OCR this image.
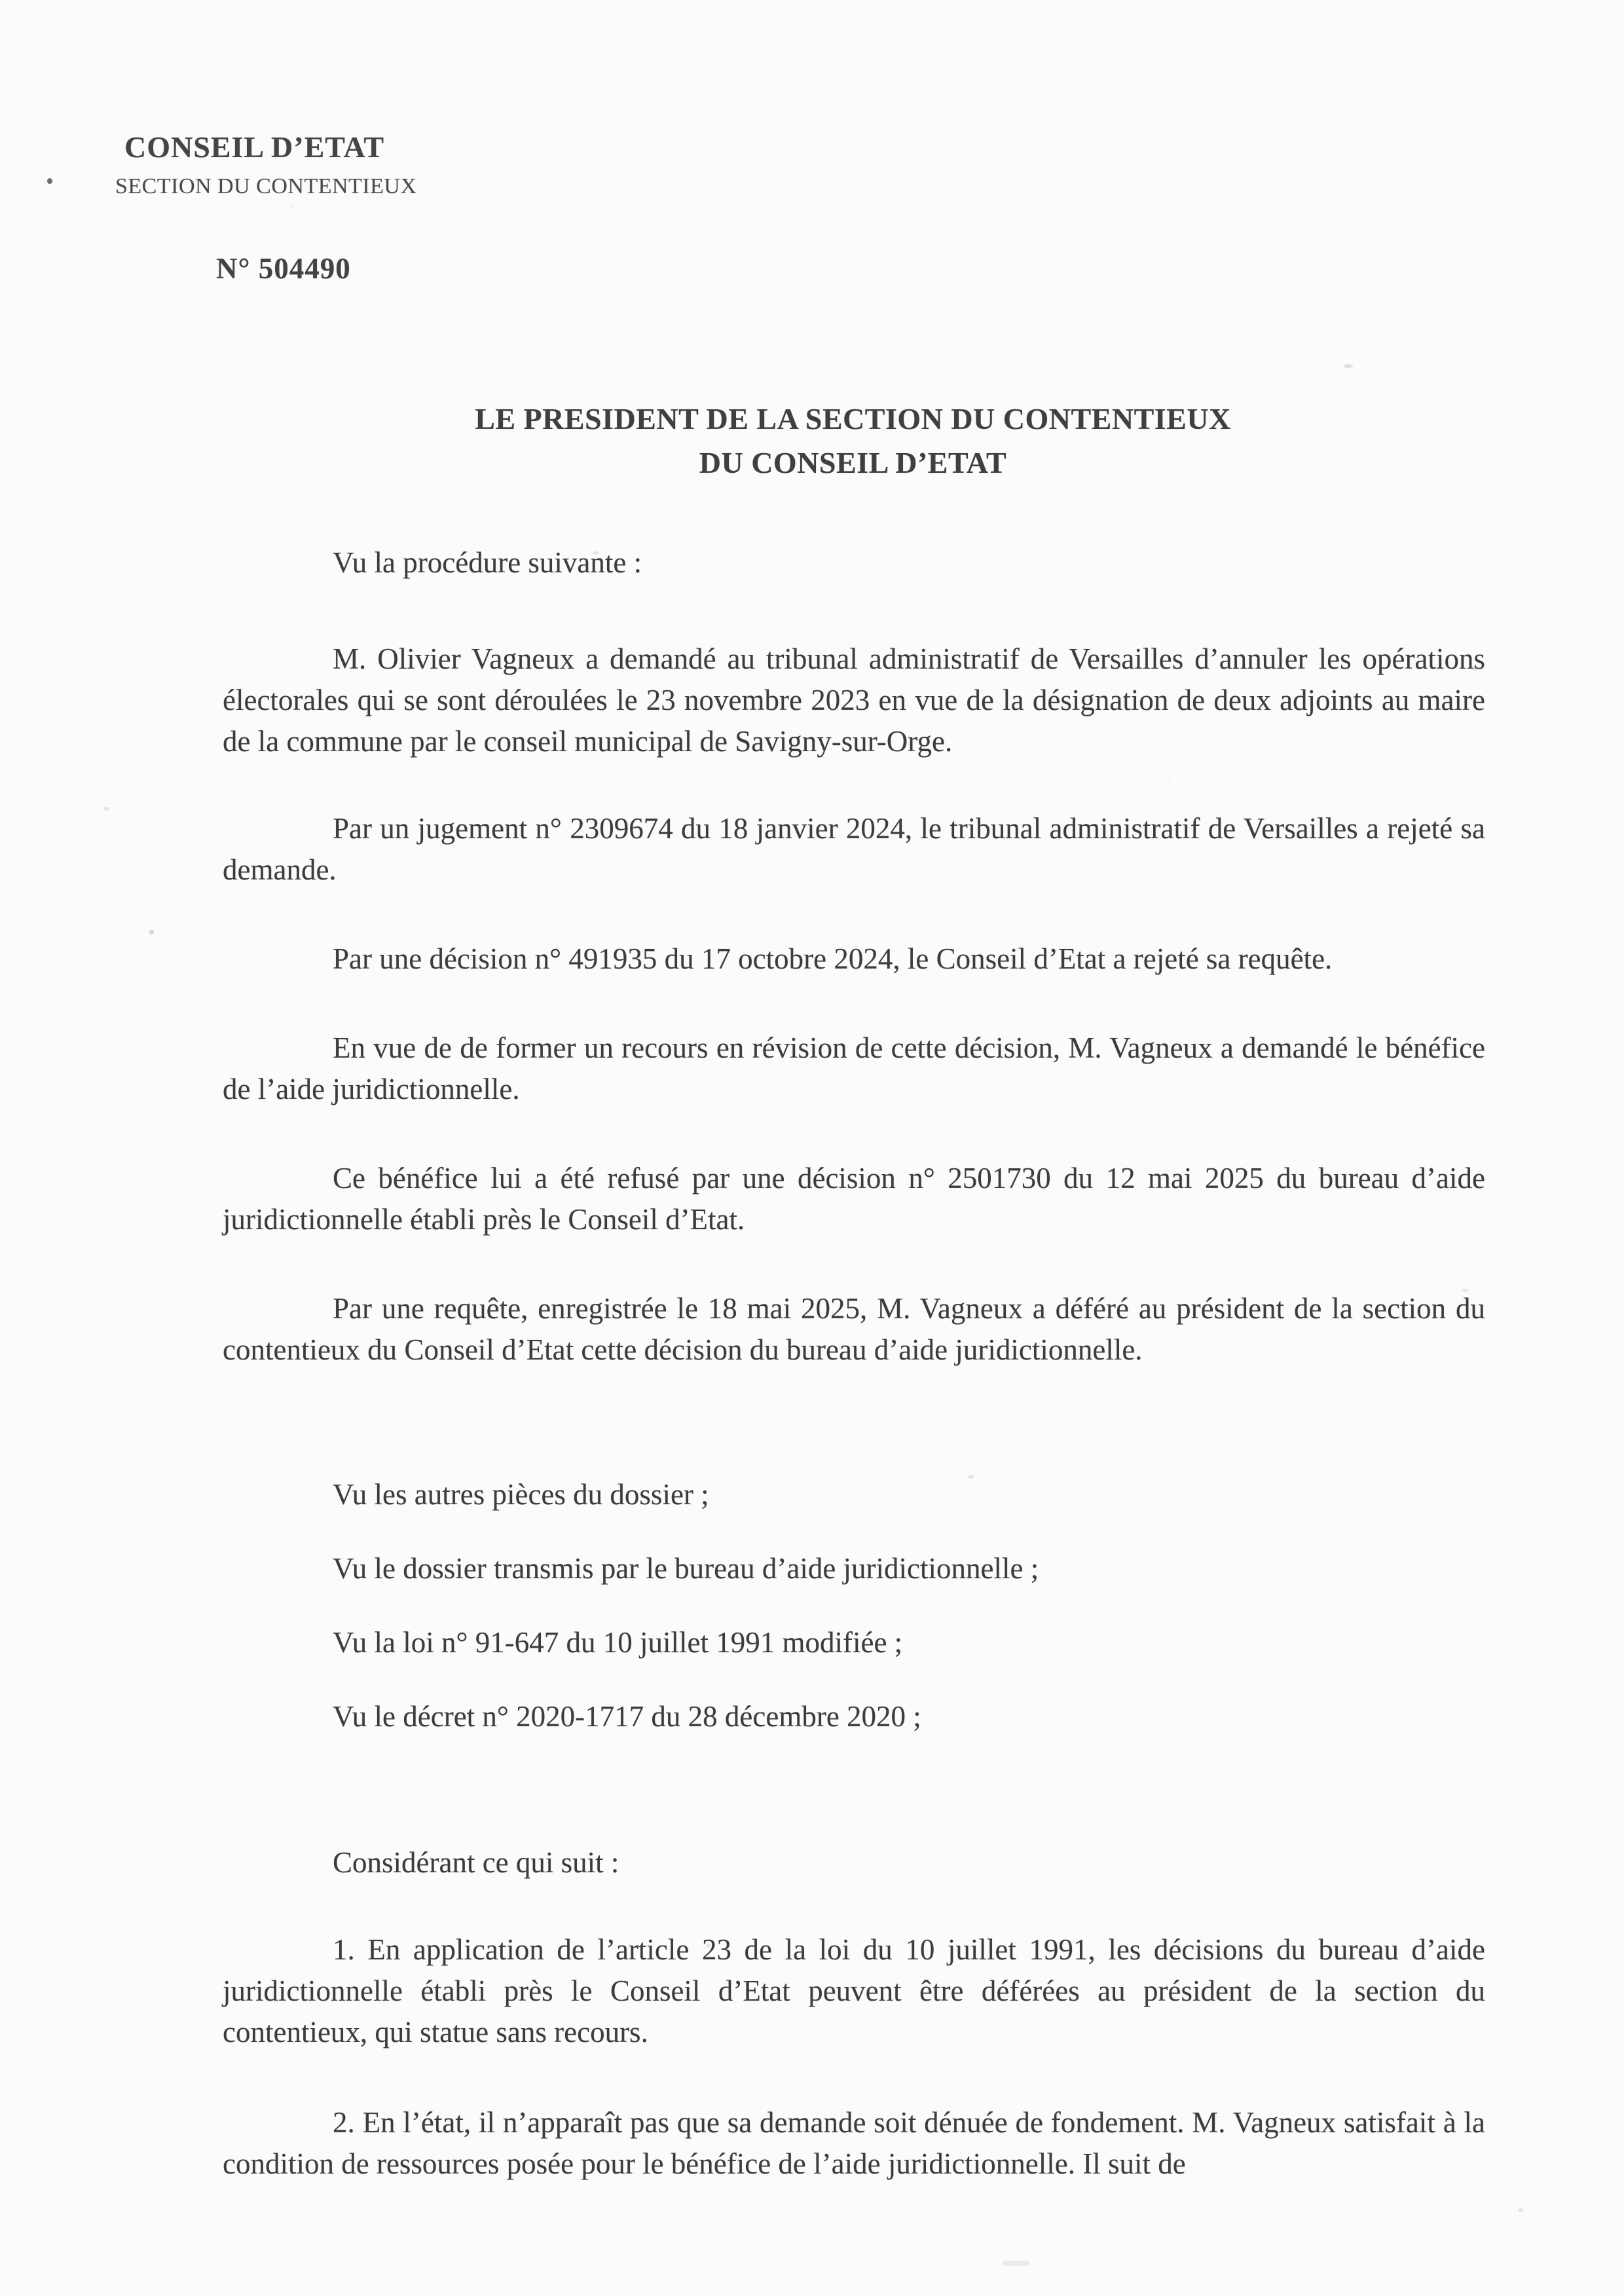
CONSEIL D’ETAT
SECTION DU CONTENTIEUX
N° 504490
LE PRESIDENT DE LA SECTION DU CONTENTIEUX
DU CONSEIL D’ETAT

Vu la procédure suivante :

M. Olivier Vagneux a demandé au tribunal administratif de Versailles d’annuler les opérations électorales qui se sont déroulées le 23 novembre 2023 en vue de la désignation de deux adjoints au maire de la commune par le conseil municipal de Savigny-sur-Orge.

Par un jugement n° 2309674 du 18 janvier 2024, le tribunal administratif de Versailles a rejeté sa demande.

Par une décision n° 491935 du 17 octobre 2024, le Conseil d’Etat a rejeté sa requête.

En vue de de former un recours en révision de cette décision, M. Vagneux a demandé le bénéfice de l’aide juridictionnelle.

Ce bénéfice lui a été refusé par une décision n° 2501730 du 12 mai 2025 du bureau d’aide juridictionnelle établi près le Conseil d’Etat.

Par une requête, enregistrée le 18 mai 2025, M. Vagneux a déféré au président de la section du contentieux du Conseil d’Etat cette décision du bureau d’aide juridictionnelle.

Vu les autres pièces du dossier ;

Vu le dossier transmis par le bureau d’aide juridictionnelle ;

Vu la loi n° 91-647 du 10 juillet 1991 modifiée ;

Vu le décret n° 2020-1717 du 28 décembre 2020 ;

Considérant ce qui suit :

1. En application de l’article 23 de la loi du 10 juillet 1991, les décisions du bureau d’aide juridictionnelle établi près le Conseil d’Etat peuvent être déférées au président de la section du contentieux, qui statue sans recours.

2. En l’état, il n’apparaît pas que sa demande soit dénuée de fondement. M. Vagneux satisfait à la condition de ressources posée pour le bénéfice de l’aide juridictionnelle. Il suit de
